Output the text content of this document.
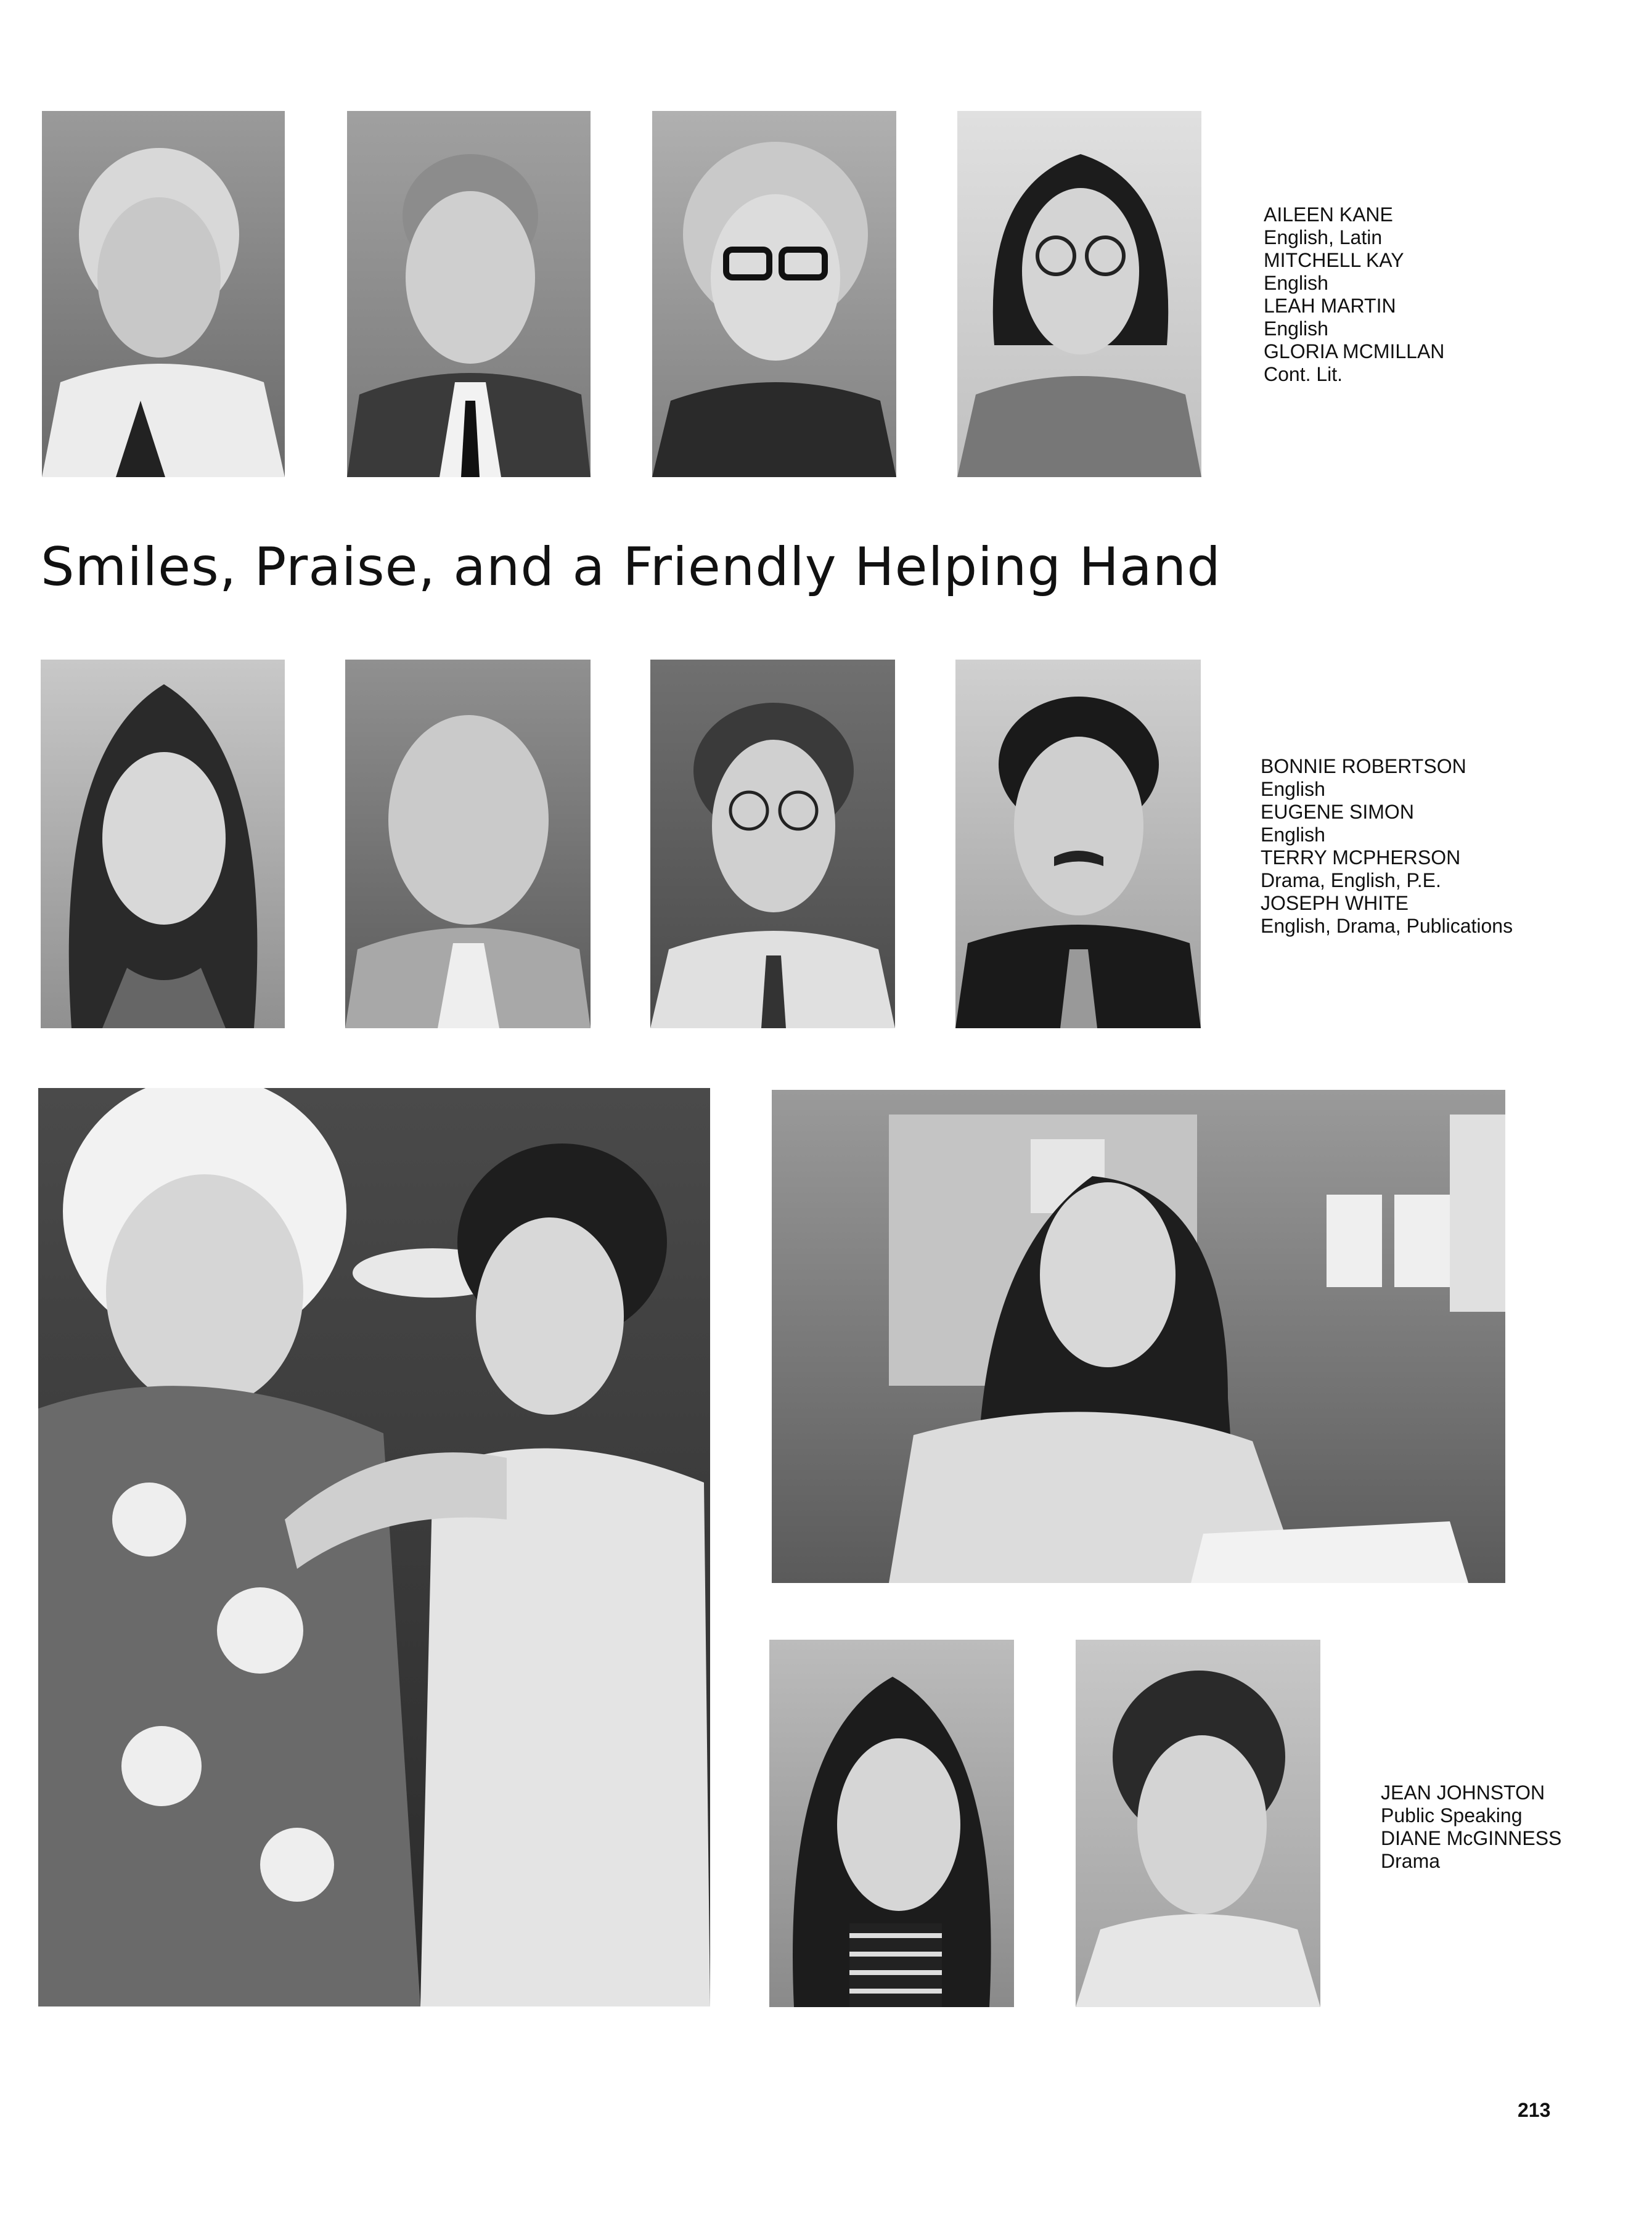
AILEEN KANE
English, Latin
MITCHELL KAY
English
LEAH MARTIN
English
GLORIA MCMILLAN
Cont. Lit.
Smiles, Praise, and a Friendly Helping Hand
BONNIE ROBERTSON
English
EUGENE SIMON
English
TERRY MCPHERSON
Drama, English, P.E.
JOSEPH WHITE
English, Drama, Publications
JEAN JOHNSTON
Public Speaking
DIANE McGINNESS
Drama
213
